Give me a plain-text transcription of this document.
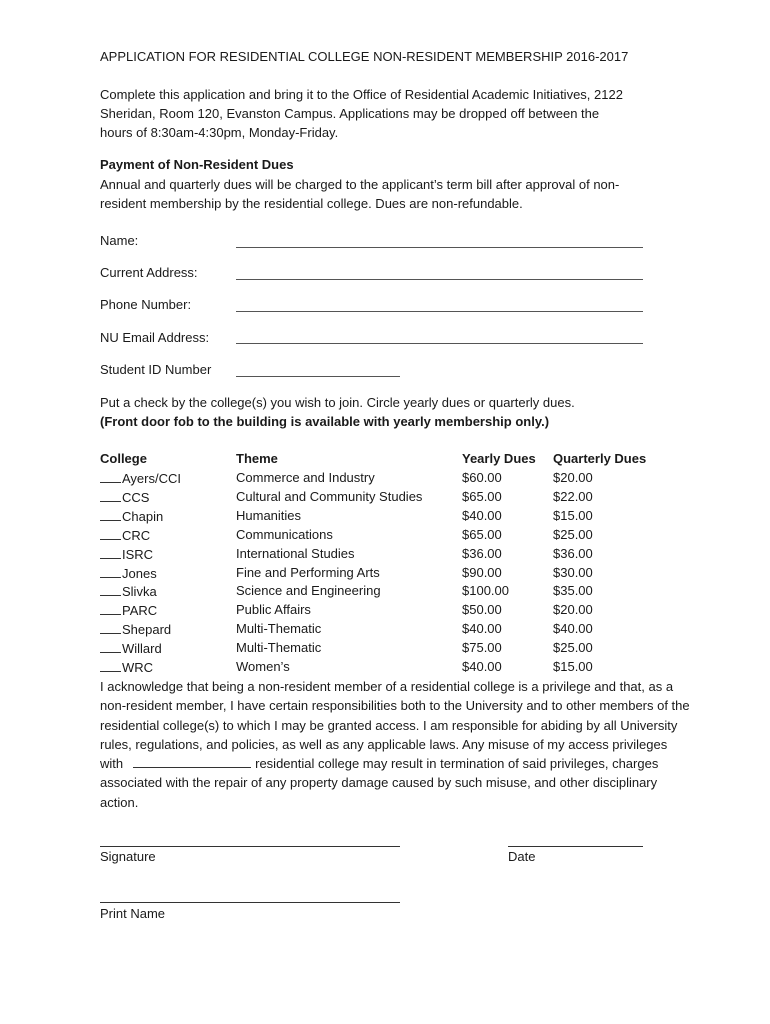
APPLICATION FOR RESIDENTIAL COLLEGE NON-RESIDENT MEMBERSHIP 2016-2017
Complete this application and bring it to the Office of Residential Academic Initiatives, 2122
Sheridan, Room 120, Evanston Campus. Applications may be dropped off between the
hours of 8:30am-4:30pm, Monday-Friday.
Payment of Non-Resident Dues
Annual and quarterly dues will be charged to the applicant’s term bill after approval of non-
resident membership by the residential college. Dues are non-refundable.
Name:
Current Address:
Phone Number:
NU Email Address:
Student ID Number
Put a check by the college(s) you wish to join. Circle yearly dues or quarterly dues.
(Front door fob to the building is available with yearly membership only.)
College	Theme	Yearly Dues Quarterly Dues
Ayers/CCI	Commerce and Industry	$60.00	$20.00
CCS	Cultural and Community Studies	$65.00	$22.00
Chapin	Humanities	$40.00	$15.00
CRC	Communications	$65.00	$25.00
ISRC	International Studies	$36.00	$36.00
Jones	Fine and Performing Arts	$90.00	$30.00
Slivka	Science and Engineering	$100.00	$35.00
PARC	Public Affairs	$50.00	$20.00
Shepard	Multi-Thematic	$40.00	$40.00
Willard	Multi-Thematic	$75.00	$25.00
WRC	Women’s	$40.00	$15.00
I acknowledge that being a non-resident member of a residential college is a privilege and that, as a non-resident member, I have certain responsibilities both to the University and to other members of the residential college(s) to which I may be granted access. I am responsible for abiding by all University rules, regulations, and policies, as well as any applicable laws. Any misuse of my access privileges with	residential college may result in termination of said privileges, charges associated with the repair of any property damage caused by such misuse, and other disciplinary action.
Signature	Date
Print Name
